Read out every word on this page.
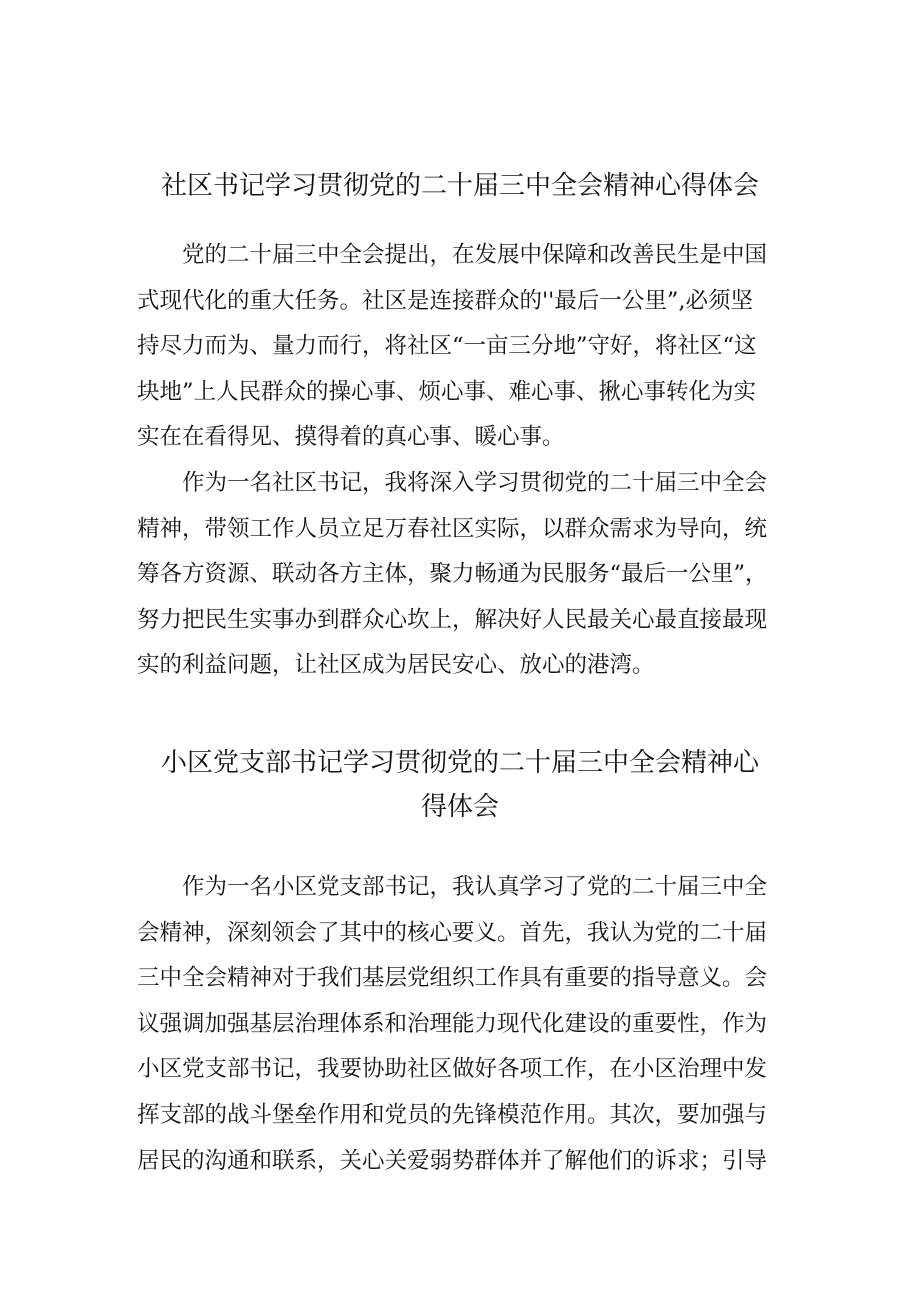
社区书记学习贯彻党的二十届三中全会精神心得体会
　　党的二十届三中全会提出，在发展中保障和改善民生是中国
式现代化的重大任务。社区是连接群众的''最后一公里”,必须坚
持尽力而为、量力而行，将社区“一亩三分地”守好，将社区“这
块地”上人民群众的操心事、烦心事、难心事、揪心事转化为实
实在在看得见、摸得着的真心事、暖心事。
　　作为一名社区书记，我将深入学习贯彻党的二十届三中全会
精神，带领工作人员立足万春社区实际，以群众需求为导向，统
筹各方资源、联动各方主体，聚力畅通为民服务“最后一公里”，
努力把民生实事办到群众心坎上，解决好人民最关心最直接最现
实的利益问题，让社区成为居民安心、放心的港湾。
小区党支部书记学习贯彻党的二十届三中全会精神心
得体会
　　作为一名小区党支部书记，我认真学习了党的二十届三中全
会精神，深刻领会了其中的核心要义。首先，我认为党的二十届
三中全会精神对于我们基层党组织工作具有重要的指导意义。会
议强调加强基层治理体系和治理能力现代化建设的重要性，作为
小区党支部书记，我要协助社区做好各项工作，在小区治理中发
挥支部的战斗堡垒作用和党员的先锋模范作用。其次，要加强与
居民的沟通和联系，关心关爱弱势群体并了解他们的诉求；引导
